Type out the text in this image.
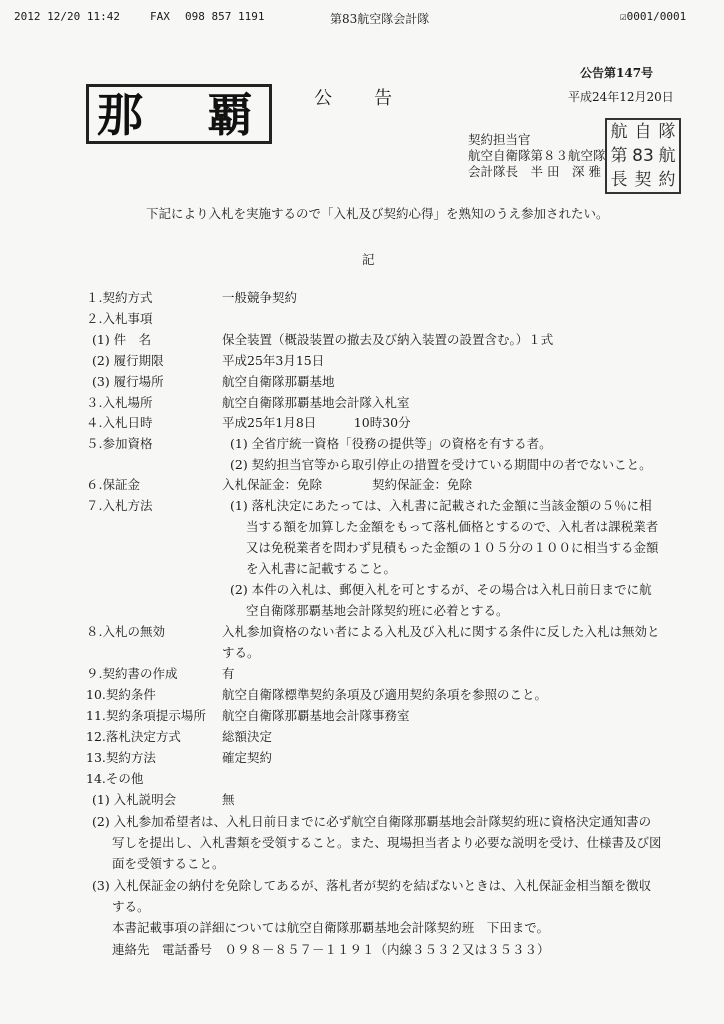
2012 12/20 11:42	FAX 098 857 1191	第83航空隊会計隊	☑0001/0001
公告第147号
公　　告	平成24年12月20日
那 覇	契約担当官
航空自衛隊第８３航空隊
会計隊長　半 田　深 雅
航 自 隊
第 83 航
長 契 約
下記により入札を実施するので「入札及び契約心得」を熟知のうえ参加されたい。
記
１.契約方式	一般競争契約
２.入札事項
(1) 件　名	保全装置（概設装置の撤去及び納入装置の設置含む。）１式
(2) 履行期限	平成25年3月15日
(3) 履行場所	航空自衛隊那覇基地
３.入札場所	航空自衛隊那覇基地会計隊入札室
４.入札日時	平成25年1月8日　　　10時30分
５.参加資格	(1) 全省庁統一資格「役務の提供等」の資格を有する者。
(2) 契約担当官等から取引停止の措置を受けている期間中の者でないこと。
６.保証金	入札保証金：免除　　　　契約保証金：免除
７.入札方法	(1) 落札決定にあたっては、入札書に記載された金額に当該金額の５％に相
当する額を加算した金額をもって落札価格とするので、入札者は課税業者
又は免税業者を問わず見積もった金額の１０５分の１００に相当する金額
を入札書に記載すること。
(2) 本件の入札は、郵便入札を可とするが、その場合は入札日前日までに航
空自衛隊那覇基地会計隊契約班に必着とする。
８.入札の無効	入札参加資格のない者による入札及び入札に関する条件に反した入札は無効と
する。
９.契約書の作成	有
10.契約条件	航空自衛隊標準契約条項及び適用契約条項を参照のこと。
11.契約条項提示場所 航空自衛隊那覇基地会計隊事務室
12.落札決定方式	総額決定
13.契約方法	確定契約
14.その他
(1) 入札説明会	無
(2) 入札参加希望者は、入札日前日までに必ず航空自衛隊那覇基地会計隊契約班に資格決定通知書の
写しを提出し、入札書類を受領すること。また、現場担当者より必要な説明を受け、仕様書及び図
面を受領すること。
(3) 入札保証金の納付を免除してあるが、落札者が契約を結ばないときは、入札保証金相当額を徴収
する。
本書記載事項の詳細については航空自衛隊那覇基地会計隊契約班　下田まで。
連絡先　電話番号　０９８－８５７－１１９１（内線３５３２又は３５３３）
